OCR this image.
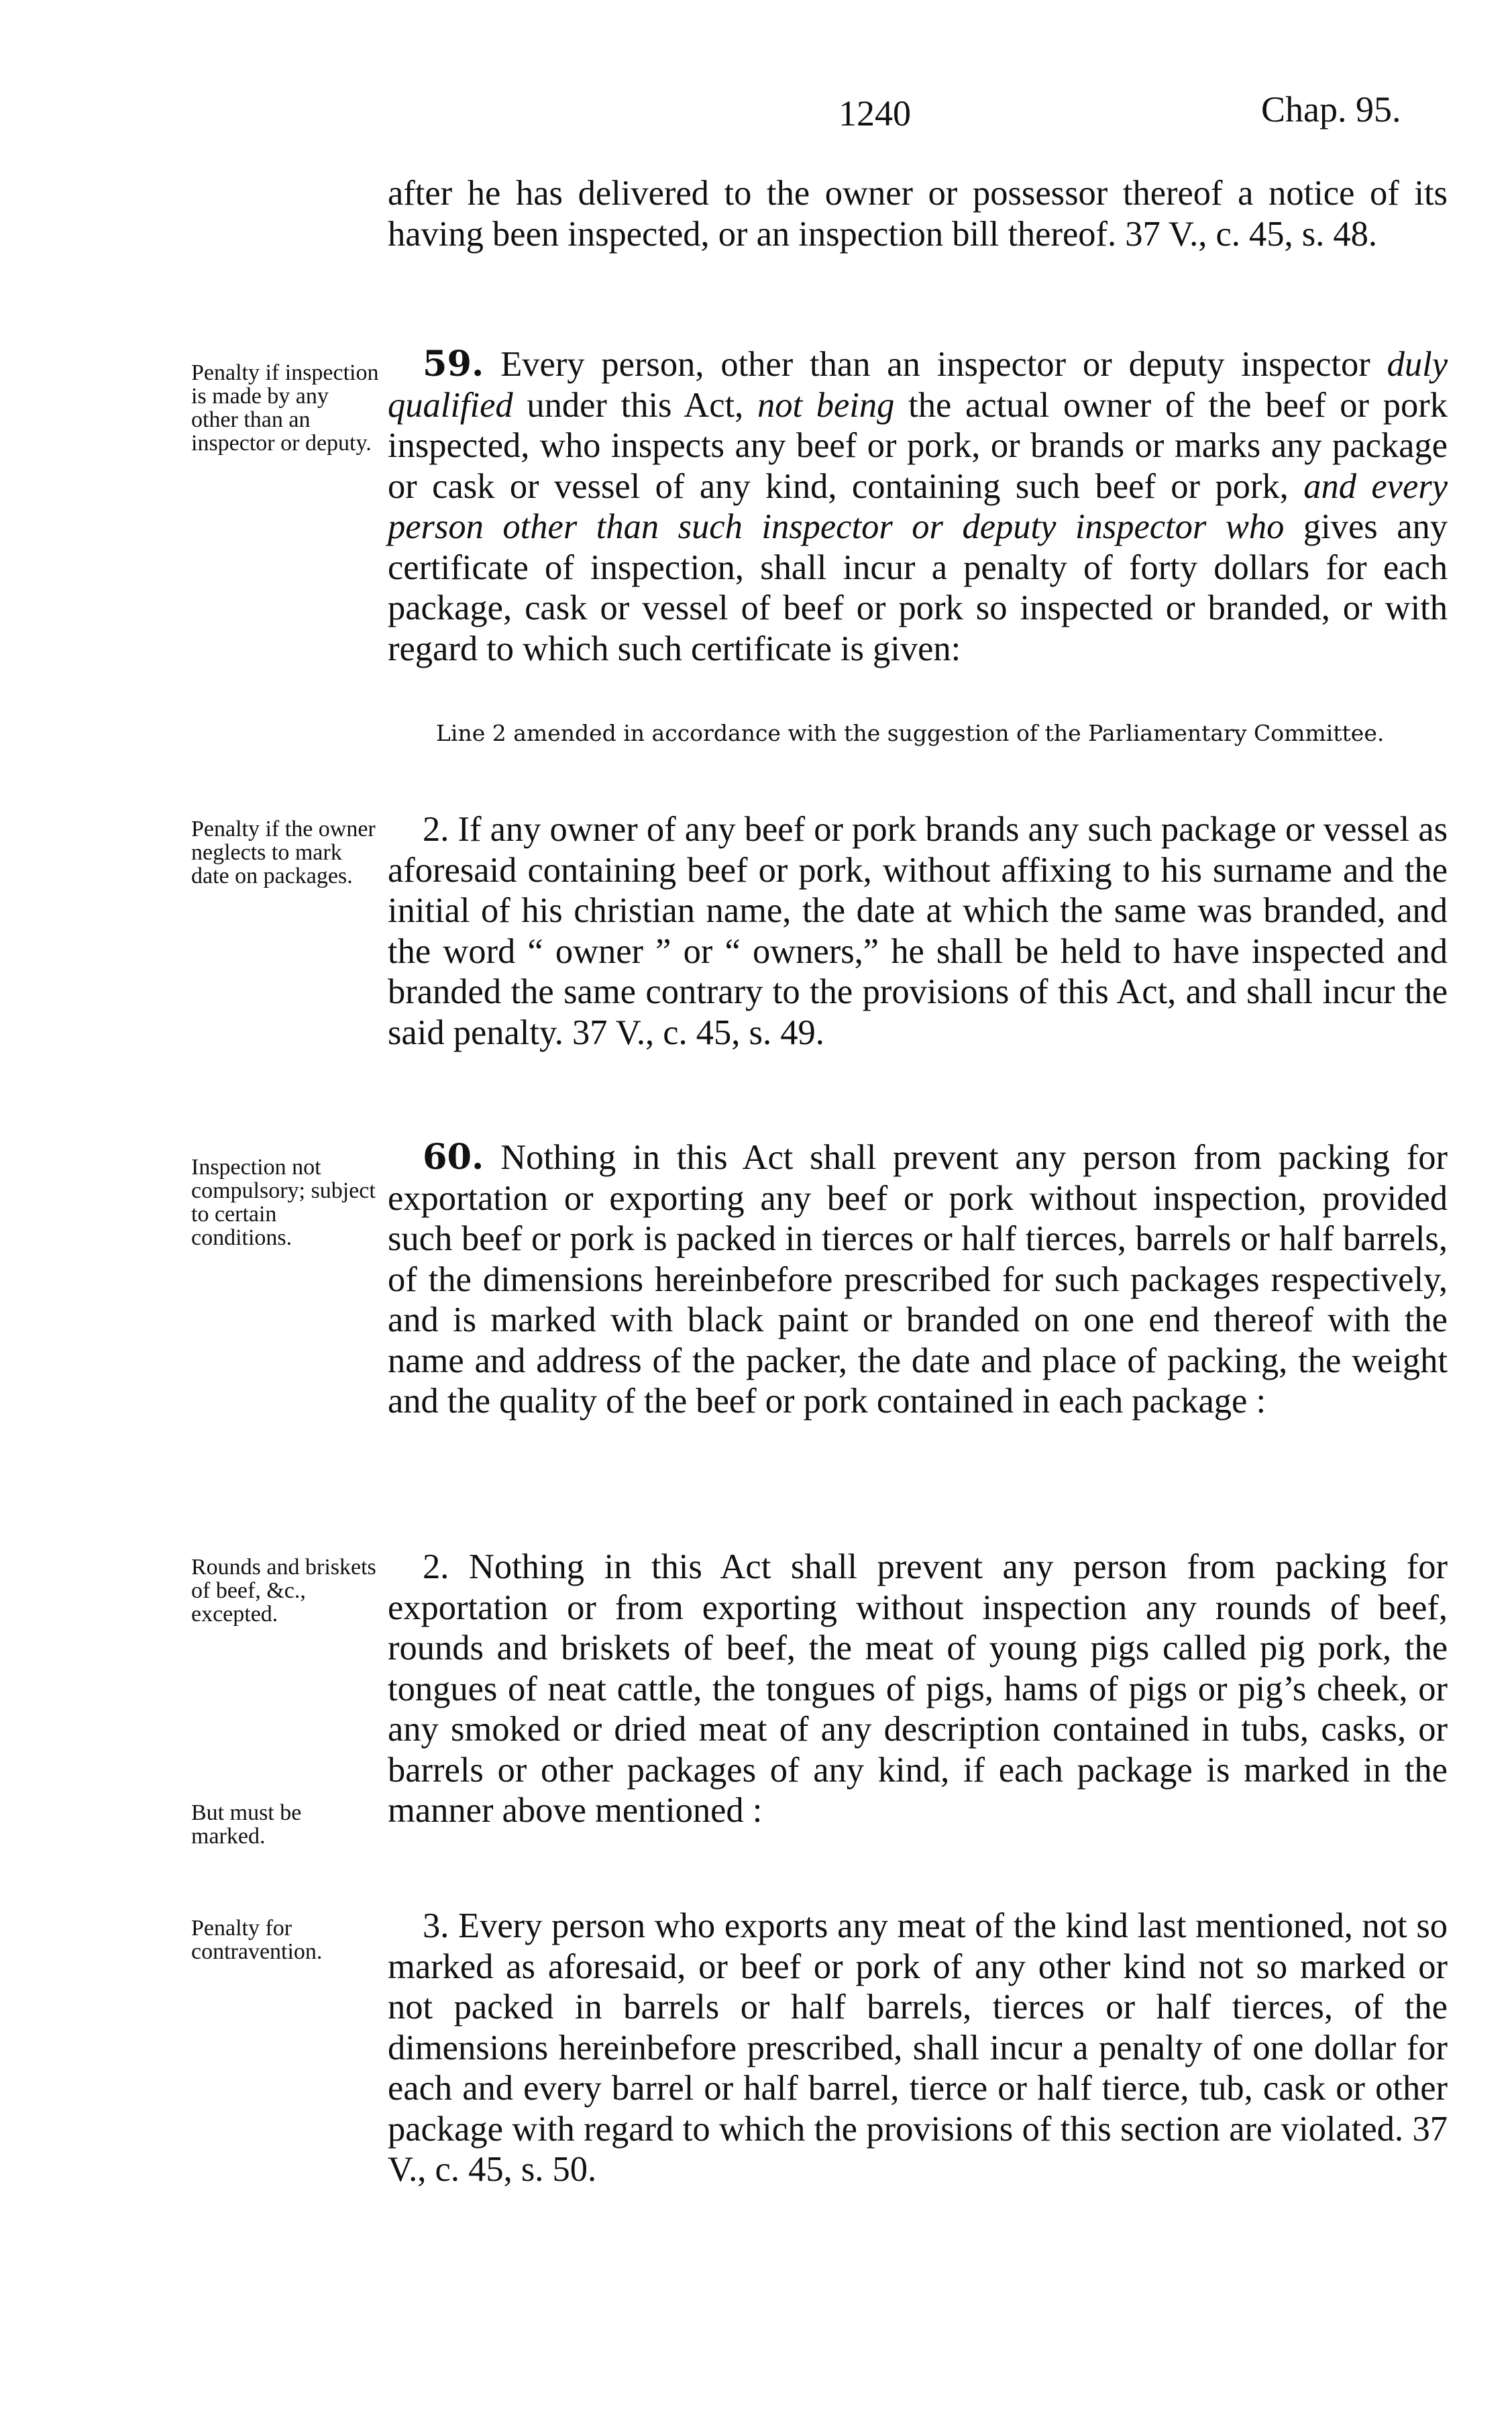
1240	Chap. 95.

after he has delivered to the owner or possessor thereof a notice of its having been inspected, or an inspection bill thereof. 37 V., c. 45, s. 48.

Penalty if inspection is made by any other than an inspector or deputy.

59. Every person, other than an inspector or deputy inspector duly qualified under this Act, not being the actual owner of the beef or pork inspected, who inspects any beef or pork, or brands or marks any package or cask or vessel of any kind, containing such beef or pork, and every person other than such inspector or deputy inspector who gives any certificate of inspection, shall incur a penalty of forty dollars for each package, cask or vessel of beef or pork so inspected or branded, or with regard to which such certificate is given:

Line 2 amended in accordance with the suggestion of the Parliamentary Committee.
Penalty if the owner neglects to mark date on packages.

2. If any owner of any beef or pork brands any such package or vessel as aforesaid containing beef or pork, without affixing to his surname and the initial of his christian name, the date at which the same was branded, and the word “ owner ” or “ owners,” he shall be held to have inspected and branded the same contrary to the provisions of this Act, and shall incur the said penalty. 37 V., c. 45, s. 49.

Inspection not compulsory; subject to certain conditions.

60. Nothing in this Act shall prevent any person from packing for exportation or exporting any beef or pork without inspection, provided such beef or pork is packed in tierces or half tierces, barrels or half barrels, of the dimensions hereinbefore prescribed for such packages respectively, and is marked with black paint or branded on one end thereof with the name and address of the packer, the date and place of packing, the weight and the quality of the beef or pork contained in each package :

Rounds and briskets of beef, &c., excepted.
But must be marked.

2. Nothing in this Act shall prevent any person from packing for exportation or from exporting without inspection any rounds of beef, rounds and briskets of beef, the meat of young pigs called pig pork, the tongues of neat cattle, the tongues of pigs, hams of pigs or pig’s cheek, or any smoked or dried meat of any description contained in tubs, casks, or barrels or other packages of any kind, if each package is marked in the manner above mentioned :

Penalty for contravention.

3. Every person who exports any meat of the kind last mentioned, not so marked as aforesaid, or beef or pork of any other kind not so marked or not packed in barrels or half barrels, tierces or half tierces, of the dimensions hereinbefore prescribed, shall incur a penalty of one dollar for each and every barrel or half barrel, tierce or half tierce, tub, cask or other package with regard to which the provisions of this section are violated. 37 V., c. 45, s. 50.
